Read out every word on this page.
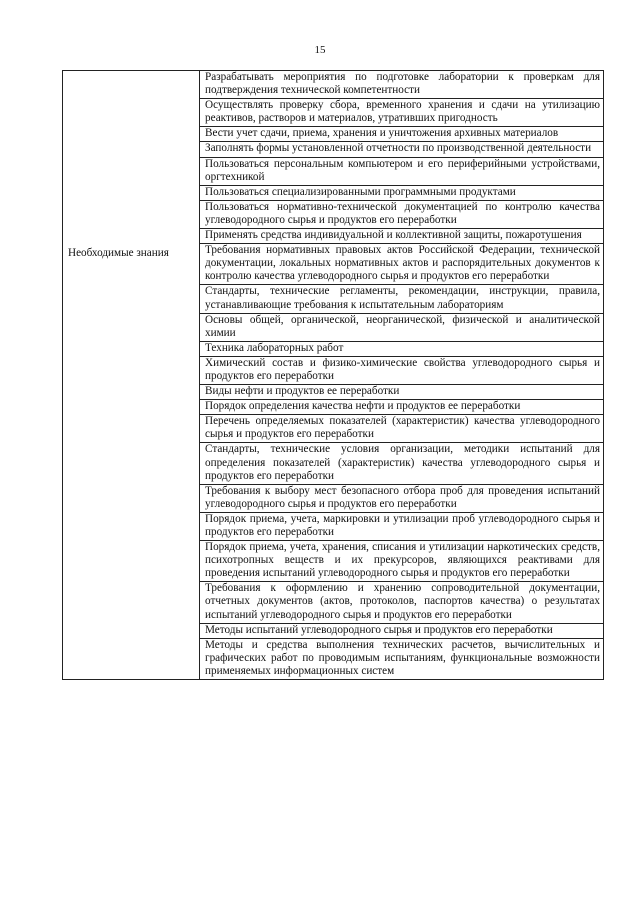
15
	Разрабатывать мероприятия по подготовке лаборатории к проверкам для подтверждения технической компетентности
	Осуществлять проверку сбора, временного хранения и сдачи на утилизацию реактивов, растворов и материалов, утративших пригодность
	Вести учет сдачи, приема, хранения и уничтожения архивных материалов
	Заполнять формы установленной отчетности по производственной деятельности
	Пользоваться персональным компьютером и его периферийными устройствами, оргтехникой
	Пользоваться специализированными программными продуктами
	Пользоваться нормативно-технической документацией по контролю качества углеводородного сырья и продуктов его переработки
	Применять средства индивидуальной и коллективной защиты, пожаротушения
Необходимые знания	Требования нормативных правовых актов Российской Федерации, технической документации, локальных нормативных актов и распорядительных документов к контролю качества углеводородного сырья и продуктов его переработки
	Стандарты, технические регламенты, рекомендации, инструкции, правила, устанавливающие требования к испытательным лабораториям
	Основы общей, органической, неорганической, физической и аналитической химии
	Техника лабораторных работ
	Химический состав и физико-химические свойства углеводородного сырья и продуктов его переработки
	Виды нефти и продуктов ее переработки
	Порядок определения качества нефти и продуктов ее переработки
	Перечень определяемых показателей (характеристик) качества углеводородного сырья и продуктов его переработки
	Стандарты, технические условия организации, методики испытаний для определения показателей (характеристик) качества углеводородного сырья и продуктов его переработки
	Требования к выбору мест безопасного отбора проб для проведения испытаний углеводородного сырья и продуктов его переработки
	Порядок приема, учета, маркировки и утилизации проб углеводородного сырья и продуктов его переработки
	Порядок приема, учета, хранения, списания и утилизации наркотических средств, психотропных веществ и их прекурсоров, являющихся реактивами для проведения испытаний углеводородного сырья и продуктов его переработки
	Требования к оформлению и хранению сопроводительной документации, отчетных документов (актов, протоколов, паспортов качества) о результатах испытаний углеводородного сырья и продуктов его переработки
	Методы испытаний углеводородного сырья и продуктов его переработки
	Методы и средства выполнения технических расчетов, вычислительных и графических работ по проводимым испытаниям, функциональные возможности применяемых информационных систем
